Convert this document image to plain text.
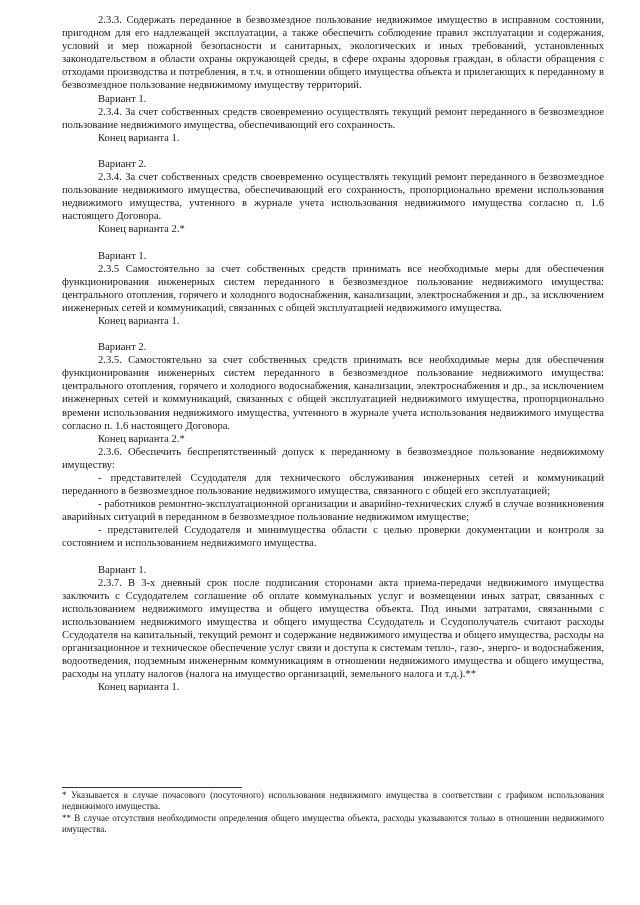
2.3.3. Содержать переданное в безвозмездное пользование недвижимое имущество в исправном состоянии, пригодном для его надлежащей эксплуатации, а также обеспечить соблюдение правил эксплуатации и содержания, условий и мер пожарной безопасности и санитарных, экологических и иных требований, установленных законодательством в области охраны окружающей среды, в сфере охраны здоровья граждан, в области обращения с отходами производства и потребления, в т.ч. в отношении общего имущества объекта и прилегающих к переданному в безвозмездное пользование недвижимому имуществу территорий.

Вариант 1.

2.3.4. За счет собственных средств своевременно осуществлять текущий ремонт переданного в безвозмездное пользование недвижимого имущества, обеспечивающий его сохранность.

Конец варианта 1.

Вариант 2.

2.3.4. За счет собственных средств своевременно осуществлять текущий ремонт переданного в безвозмездное пользование недвижимого имущества, обеспечивающий его сохранность, пропорционально времени использования недвижимого имущества, учтенного в журнале учета использования недвижимого имущества согласно п. 1.6 настоящего Договора.

Конец варианта 2.*

Вариант 1.

2.3.5 Самостоятельно за счет собственных средств принимать все необходимые меры для обеспечения функционирования инженерных систем переданного в безвозмездное пользование недвижимого имущества: центрального отопления, горячего и холодного водоснабжения, канализации, электроснабжения и др., за исключением инженерных сетей и коммуникаций, связанных с общей эксплуатацией недвижимого имущества.

Конец варианта 1.

Вариант 2.

2.3.5. Самостоятельно за счет собственных средств принимать все необходимые меры для обеспечения функционирования инженерных систем переданного в безвозмездное пользование недвижимого имущества: центрального отопления, горячего и холодного водоснабжения, канализации, электроснабжения и др., за исключением инженерных сетей и коммуникаций, связанных с общей эксплуатацией недвижимого имущества, пропорционально времени использования недвижимого имущества, учтенного в журнале учета использования недвижимого имущества согласно п. 1.6 настоящего Договора.

Конец варианта 2.*

2.3.6. Обеспечить беспрепятственный допуск к переданному в безвозмездное пользование недвижимому имуществу:

- представителей Ссудодателя для технического обслуживания инженерных сетей и коммуникаций переданного в безвозмездное пользование недвижимого имущества, связанного с общей его эксплуатацией;

- работников ремонтно-эксплуатационной организации и аварийно-технических служб в случае возникновения аварийных ситуаций в переданном в безвозмездное пользование недвижимом имуществе;

- представителей Ссудодателя и минимущества области с целью проверки документации и контроля за состоянием и использованием недвижимого имущества.

Вариант 1.

2.3.7. В 3-х дневный срок после подписания сторонами акта приема-передачи недвижимого имущества заключить с Ссудодателем соглашение об оплате коммунальных услуг и возмещении иных затрат, связанных с использованием недвижимого имущества и общего имущества объекта. Под иными затратами, связанными с использованием недвижимого имущества и общего имущества Ссудодатель и Ссудополучатель считают расходы Ссудодателя на капитальный, текущий ремонт и содержание недвижимого имущества и общего имущества, расходы на организационное и техническое обеспечение услуг связи и доступа к системам тепло-, газо-, энерго- и водоснабжения, водоотведения, подземным инженерным коммуникациям в отношении недвижимого имущества и общего имущества, расходы на уплату налогов (налога на имущество организаций, земельного налога и т.д.).**

Конец варианта 1.

* Указывается в случае почасового (посуточного) использования недвижимого имущества в соответствии с графиком использования недвижимого имущества.

** В случае отсутствия необходимости определения общего имущества объекта, расходы указываются только в отношении недвижимого имущества.
